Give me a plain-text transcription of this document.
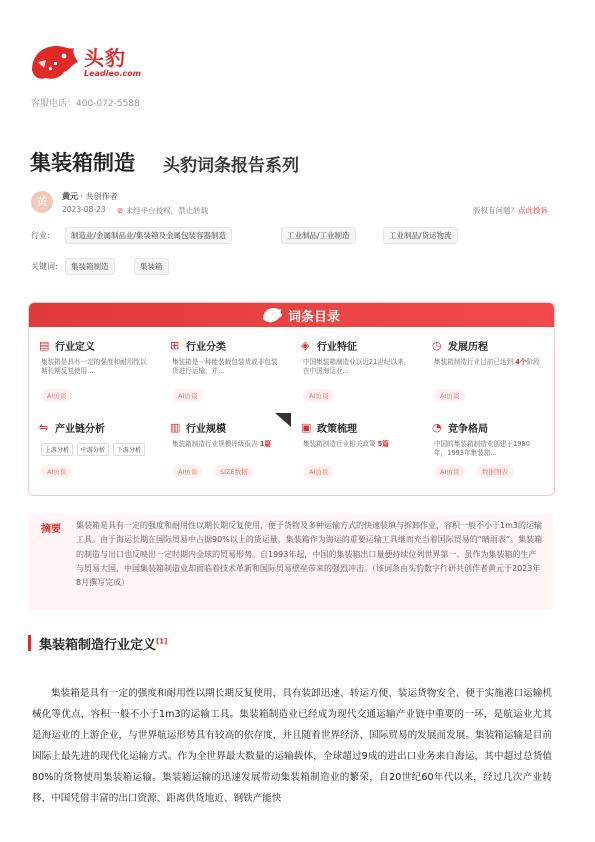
头豹
Leadleo.com
客服电话：400-072-5588
集装箱制造 头豹词条报告系列
黄	黄元 · 共创作者
2023-08-23 ⊘ 未经平台授权，禁止转载	版权有问题？点此投诉
行业:	制造业/金属制品业/集装箱及金属包装容器制造	工业制品/工业制造	工业制品/货运物流
关键词:	集装箱制造	集装箱
词条目录
▤ 行业定义
集装箱是具有一定的强度和耐用性以期长期反复使用...
AI访谈
⊞ 行业分类
集装箱是一种能装载包装货或非包装货进行运输，并...
AI访谈
◈ 行业特征
中国集装箱制造业以近21世纪以来，在中国海运业...
AI访谈
◷ 发展历程
集装箱制造行业目前已达到 4个阶段
AI访谈
⇋ 产业链分析
上游分析	中游分析	下游分析
AI访谈
▥ 行业规模
集装箱制造行业规模评级报告 1篇
AI访谈	SIZE数据
▣ 政策梳理
集装箱制造行业相关政策 5篇
AI访谈
◔ 竞争格局
中国的集装箱制造业创建于1980年，1993年集装箱...
AI访谈	数据图表
摘要 集装箱是具有一定的强度和耐用性以期长期反复使用，便于货物及多种运输方式的快速装填与拆卸作业，容积一般不小于1m3的运输工具。由于海运长期在国际贸易中占据90%以上的货运量，集装箱作为海运的重要运输工具继而充当着国际贸易的“晴雨表”。集装箱的制造与出口也反映出一定时期内全球的贸易形势。自1993年起，中国的集装箱出口量便持续位列世界第一。虽作为集装箱的生产与贸易大国，中国集装箱制造业却面临着技术革新和国际贸易壁垒带来的强烈冲击。（该词条由头豹数字行研共创作者黄元于2023年8月撰写完成）
集装箱制造行业定义[1]
集装箱是具有一定的强度和耐用性以期长期反复使用，具有装卸迅速、转运方便、装运货物安全、便于实施港口运输机械化等优点，容积一般不小于1m3的运输工具。集装箱制造业已经成为现代交通运输产业链中重要的一环，是航运业尤其是海运业的上游企业，与世界航运形势具有较高的依存度，并且随着世界经济、国际贸易的发展而发展。集装箱运输是目前国际上最先进的现代化运输方式。作为全世界最大数量的运输载体，全球超过9成的进出口业务来自海运，其中超过总货值80%的货物使用集装箱运输。集装箱运输的迅速发展带动集装箱制造业的繁荣，自20世纪60年代以来，经过几次产业转移，中国凭借丰富的出口资源、距离供货地近、钢铁产能快
